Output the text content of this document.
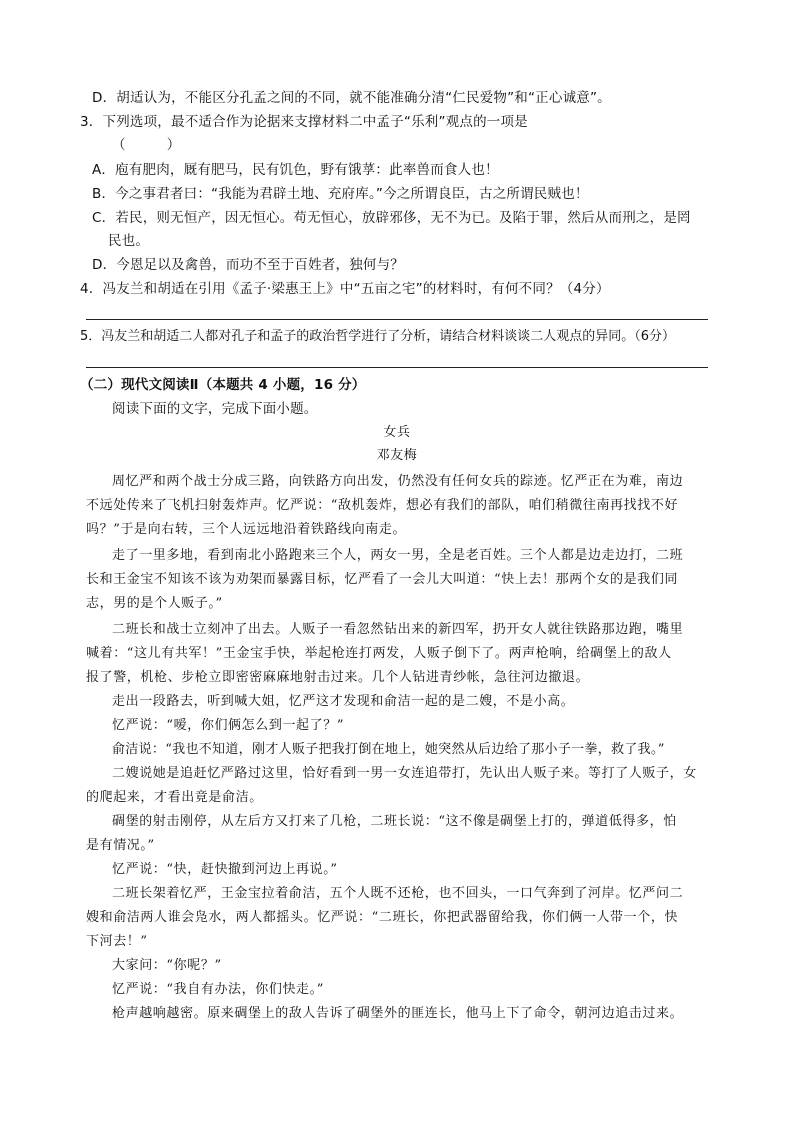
D．胡适认为，不能区分孔孟之间的不同，就不能准确分清“仁民爱物”和“正心诚意”。
3．下列选项，最不适合作为论据来支撑材料二中孟子“乐利”观点的一项是
（　　　）
A．庖有肥肉，厩有肥马，民有饥色，野有饿莩：此率兽而食人也！
B．今之事君者曰：“我能为君辟土地、充府库。”今之所谓良臣，古之所谓民贼也！
C．若民，则无恒产，因无恒心。苟无恒心，放辟邪侈，无不为已。及陷于罪，然后从而刑之，是罔
民也。
D．今恩足以及禽兽，而功不至于百姓者，独何与？
4．冯友兰和胡适在引用《孟子·梁惠王上》中“五亩之宅”的材料时，有何不同？（4分）
5．冯友兰和胡适二人都对孔子和孟子的政治哲学进行了分析，请结合材料谈谈二人观点的异同。（6分）
（二）现代文阅读Ⅱ（本题共 4 小题，16 分）
阅读下面的文字，完成下面小题。
女兵
邓友梅
周忆严和两个战士分成三路，向铁路方向出发，仍然没有任何女兵的踪迹。忆严正在为难，南边
不远处传来了飞机扫射轰炸声。忆严说：“敌机轰炸，想必有我们的部队，咱们稍微往南再找找不好
吗？”于是向右转，三个人远远地沿着铁路线向南走。
走了一里多地，看到南北小路跑来三个人，两女一男，全是老百姓。三个人都是边走边打，二班
长和王金宝不知该不该为劝架而暴露目标，忆严看了一会儿大叫道：“快上去！那两个女的是我们同
志，男的是个人贩子。”
二班长和战士立刻冲了出去。人贩子一看忽然钻出来的新四军，扔开女人就往铁路那边跑，嘴里
喊着：“这儿有共军！”王金宝手快，举起枪连打两发，人贩子倒下了。两声枪响，给碉堡上的敌人
报了警，机枪、步枪立即密密麻麻地射击过来。几个人钻进青纱帐，急往河边撤退。
走出一段路去，听到喊大姐，忆严这才发现和俞洁一起的是二嫂，不是小高。
忆严说：“嗳，你们俩怎么到一起了？”
俞洁说：“我也不知道，刚才人贩子把我打倒在地上，她突然从后边给了那小子一拳，救了我。”
二嫂说她是追赶忆严路过这里，恰好看到一男一女连追带打，先认出人贩子来。等打了人贩子，女
的爬起来，才看出竟是俞洁。
碉堡的射击刚停，从左后方又打来了几枪，二班长说：“这不像是碉堡上打的，弹道低得多，怕
是有情况。”
忆严说：“快，赶快撤到河边上再说。”
二班长架着忆严，王金宝拉着俞洁，五个人既不还枪，也不回头，一口气奔到了河岸。忆严问二
嫂和俞洁两人谁会凫水，两人都摇头。忆严说：“二班长，你把武器留给我，你们俩一人带一个，快
下河去！”
大家问：“你呢？”
忆严说：“我自有办法，你们快走。”
枪声越响越密。原来碉堡上的敌人告诉了碉堡外的匪连长，他马上下了命令，朝河边追击过来。
